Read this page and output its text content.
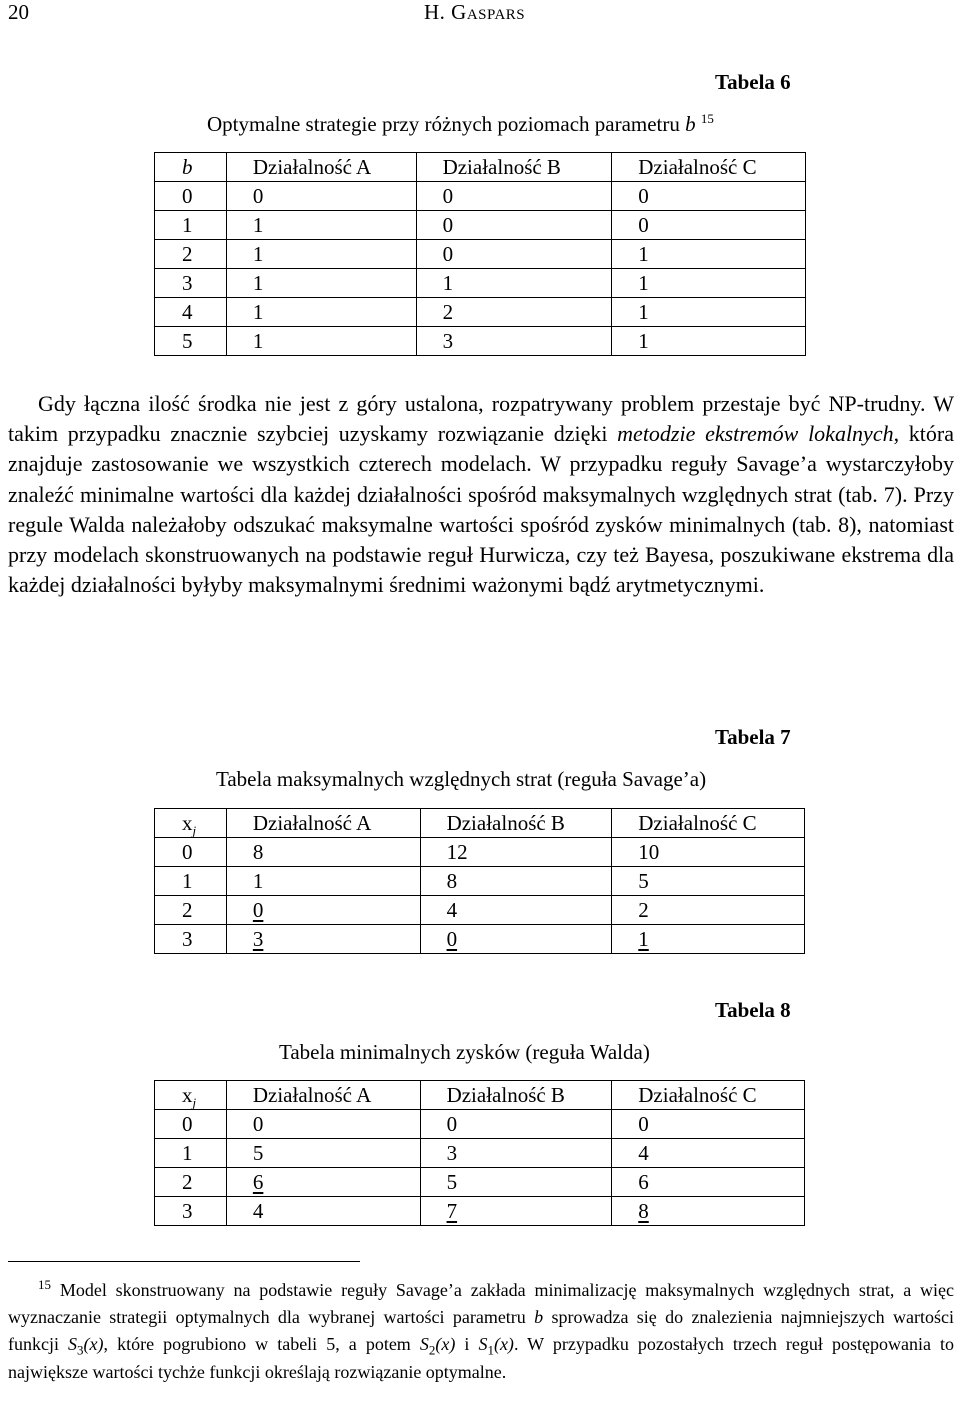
20	H. Gaspars
Tabela 6
Optymalne strategie przy różnych poziomach parametru b $^{15}$
b	Działalność A	Działalność B	Działalność C
0	0	0	0
1	1	0	0
2	1	0	1
3	1	1	1
4	1	2	1
5	1	3	1

Gdy łączna ilość środka nie jest z góry ustalona, rozpatrywany problem przestaje być NP-trudny. W takim przypadku znacznie szybciej uzyskamy rozwiązanie dzięki metodzie ekstremów lokalnych, która znajduje zastosowanie we wszystkich czterech modelach. W przypadku reguły Savage’a wystarczyłoby znaleźć minimalne wartości dla każdej działalności spośród maksymalnych względnych strat (tab. 7). Przy regule Walda należałoby odszukać maksymalne wartości spośród zysków minimalnych (tab. 8), natomiast przy modelach skonstruowanych na podstawie reguł Hurwicza, czy też Bayesa, poszukiwane ekstrema dla każdej działalności byłyby maksymalnymi średnimi ważonymi bądź arytmetycznymi.

Tabela 7
Tabela maksymalnych względnych strat (reguła Savage’a)
$x_j$	Działalność A	Działalność B	Działalność C
0	8	12	10
1	1	8	5
2	0	4	2
3	3	0	1
Tabela 8
Tabela minimalnych zysków (reguła Walda)
$x_j$	Działalność A	Działalność B	Działalność C
0	0	0	0
1	5	3	4
2	6	5	6
3	4	7	8

$^{15}$ Model skonstruowany na podstawie reguły Savage’a zakłada minimalizację maksymalnych względnych strat, a więc wyznaczanie strategii optymalnych dla wybranej wartości parametru b sprowadza się do znalezienia najmniejszych wartości funkcji $S_3(x)$, które pogrubiono w tabeli 5, a potem $S_2(x)$ i $S_1(x)$. W przypadku pozostałych trzech reguł postępowania to największe wartości tychże funkcji określają rozwiązanie optymalne.
